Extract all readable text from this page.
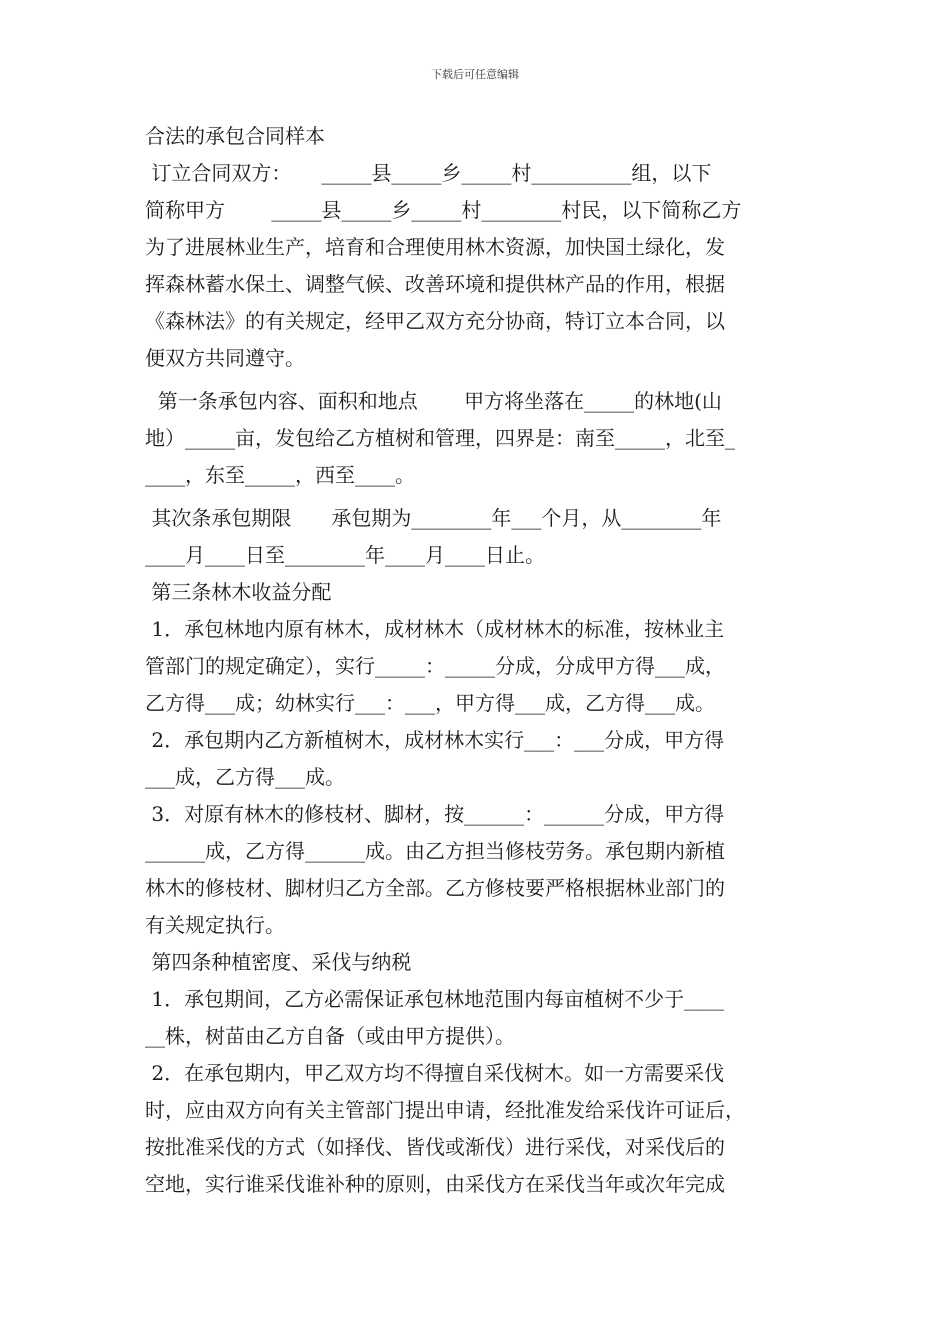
下载后可任意编辑
合法的承包合同样本
订立合同双方：　　_____县_____乡_____村__________组，以下
简称甲方　　 _____县_____乡_____村________村民，以下简称乙方
为了进展林业生产，培育和合理使用林木资源，加快国土绿化，发
挥森林蓄水保土、调整气候、改善环境和提供林产品的作用，根据
《森林法》的有关规定，经甲乙双方充分协商，特订立本合同，以
便双方共同遵守。
第一条承包内容、面积和地点　　 甲方将坐落在_____的林地(山
地）_____亩，发包给乙方植树和管理，四界是：南至_____，北至_
____，东至_____，西至____。
其次条承包期限　　承包期为________年___个月，从________年
____月____日至________年____月____日止。
第三条林木收益分配
1．承包林地内原有林木，成材林木（成材林木的标准，按林业主
管部门的规定确定），实行_____：_____分成，分成甲方得___成，
乙方得___成；幼林实行___：___，甲方得___成，乙方得___成。
2．承包期内乙方新植树木，成材林木实行___：___分成，甲方得
___成，乙方得___成。
3．对原有林木的修枝材、脚材，按______：______分成，甲方得
______成，乙方得______成。由乙方担当修枝劳务。承包期内新植
林木的修枝材、脚材归乙方全部。乙方修枝要严格根据林业部门的
有关规定执行。
第四条种植密度、采伐与纳税
1．承包期间，乙方必需保证承包林地范围内每亩植树不少于____
__株，树苗由乙方自备（或由甲方提供）。
2．在承包期内，甲乙双方均不得擅自采伐树木。如一方需要采伐
时，应由双方向有关主管部门提出申请，经批准发给采伐许可证后，
按批准采伐的方式（如择伐、皆伐或渐伐）进行采伐，对采伐后的
空地，实行谁采伐谁补种的原则，由采伐方在采伐当年或次年完成
